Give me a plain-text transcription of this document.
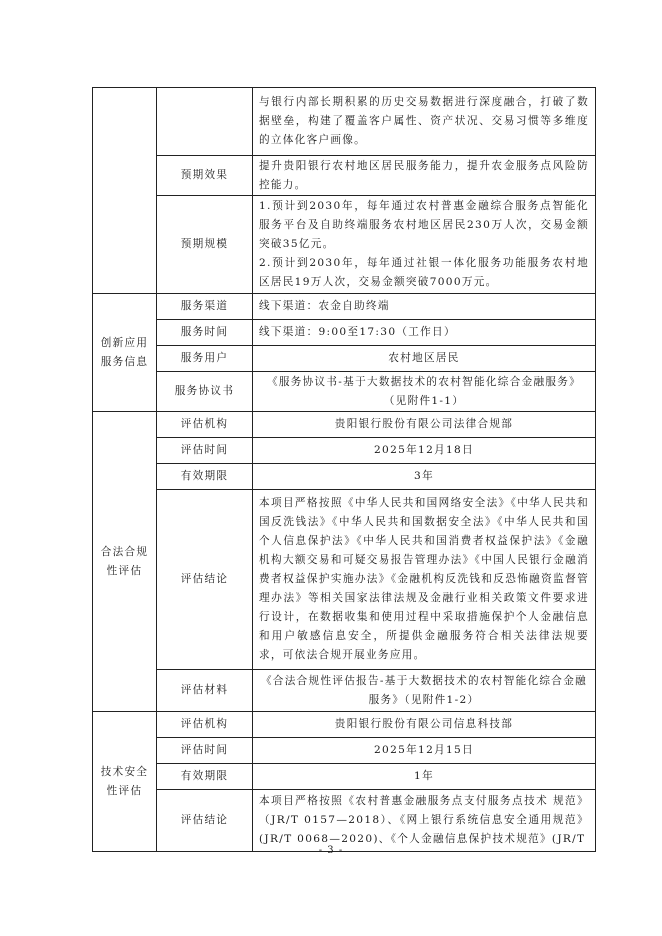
		与银行内部长期积累的历史交易数据进行深度融合，打破了数据壁垒，构建了覆盖客户属性、资产状况、交易习惯等多维度的立体化客户画像。
	预期效果	提升贵阳银行农村地区居民服务能力，提升农金服务点风险防控能力。
	预期规模	1.预计到2030年，每年通过农村普惠金融综合服务点智能化服务平台及自助终端服务农村地区居民230万人次，交易金额突破35亿元。
2.预计到2030年，每年通过社银一体化服务功能服务农村地区居民19万人次，交易金额突破7000万元。

创新应用服务信息	服务渠道	线下渠道：农金自助终端
	服务时间	线下渠道：9:00至17:30（工作日）
	服务用户	农村地区居民
	服务协议书	《服务协议书-基于大数据技术的农村智能化综合金融服务》（见附件1-1）
合法合规性评估	评估机构	贵阳银行股份有限公司法律合规部
	评估时间	2025年12月18日
	有效期限	3年
	评估结论	本项目严格按照《中华人民共和国网络安全法》《中华人民共和国反洗钱法》《中华人民共和国数据安全法》《中华人民共和国个人信息保护法》《中华人民共和国消费者权益保护法》《金融机构大额交易和可疑交易报告管理办法》《中国人民银行金融消费者权益保护实施办法》《金融机构反洗钱和反恐怖融资监督管理办法》等相关国家法律法规及金融行业相关政策文件要求进行设计，在数据收集和使用过程中采取措施保护个人金融信息和用户敏感信息安全，所提供金融服务符合相关法律法规要求，可依法合规开展业务应用。
	评估材料	《合法合规性评估报告-基于大数据技术的农村智能化综合金融服务》（见附件1-2）
技术安全性评估	评估机构	贵阳银行股份有限公司信息科技部
	评估时间	2025年12月15日
	有效期限	1年
	评估结论	本项目严格按照《农村普惠金融服务点支付服务点技术 规范》（JR/T 0157—2018）、《网上银行系统信息安全通用规范》(JR/T 0068—2020)、《个人金融信息保护技术规范》(JR/T
- 3 -
